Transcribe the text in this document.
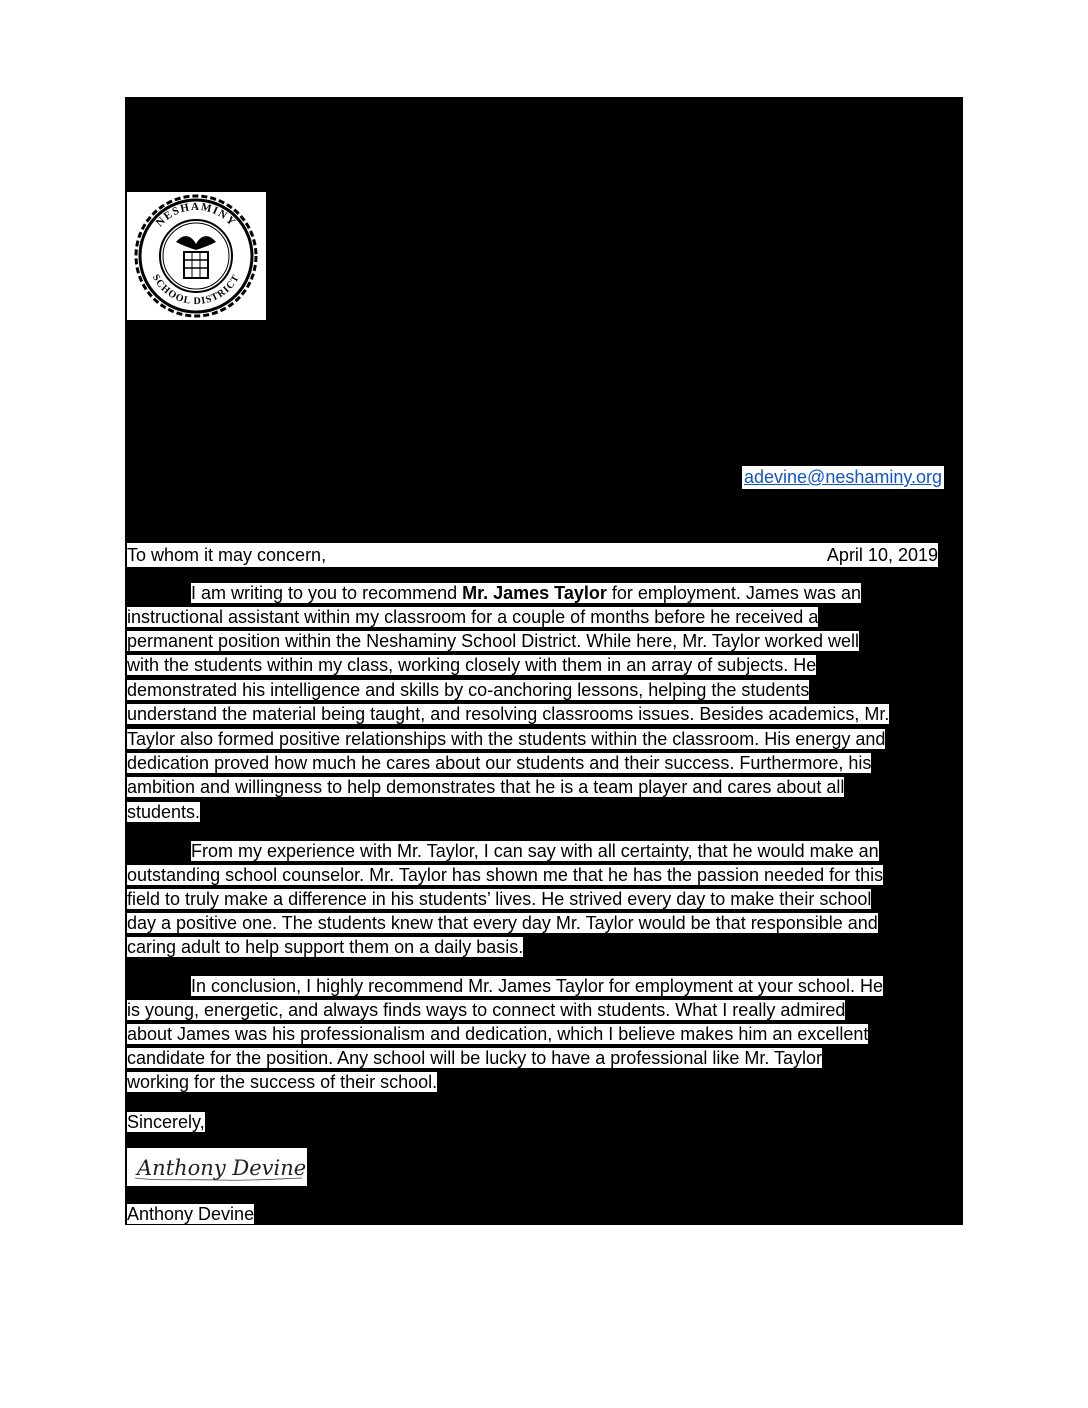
NESHAMINY
SCHOOL DISTRICT
adevine@neshaminy.org
To whom it may concern,	April 10, 2019
I am writing to you to recommend Mr. James Taylor for employment. James was an
instructional assistant within my classroom for a couple of months before he received a
permanent position within the Neshaminy School District. While here, Mr. Taylor worked well
with the students within my class, working closely with them in an array of subjects. He
demonstrated his intelligence and skills by co-anchoring lessons, helping the students
understand the material being taught, and resolving classrooms issues. Besides academics, Mr.
Taylor also formed positive relationships with the students within the classroom. His energy and
dedication proved how much he cares about our students and their success. Furthermore, his
ambition and willingness to help demonstrates that he is a team player and cares about all
students.
From my experience with Mr. Taylor, I can say with all certainty, that he would make an
outstanding school counselor. Mr. Taylor has shown me that he has the passion needed for this
field to truly make a difference in his students’ lives. He strived every day to make their school
day a positive one. The students knew that every day Mr. Taylor would be that responsible and
caring adult to help support them on a daily basis.
In conclusion, I highly recommend Mr. James Taylor for employment at your school. He
is young, energetic, and always finds ways to connect with students. What I really admired
about James was his professionalism and dedication, which I believe makes him an excellent
candidate for the position. Any school will be lucky to have a professional like Mr. Taylor
working for the success of their school.
Sincerely,
Anthony Devine
Anthony Devine
